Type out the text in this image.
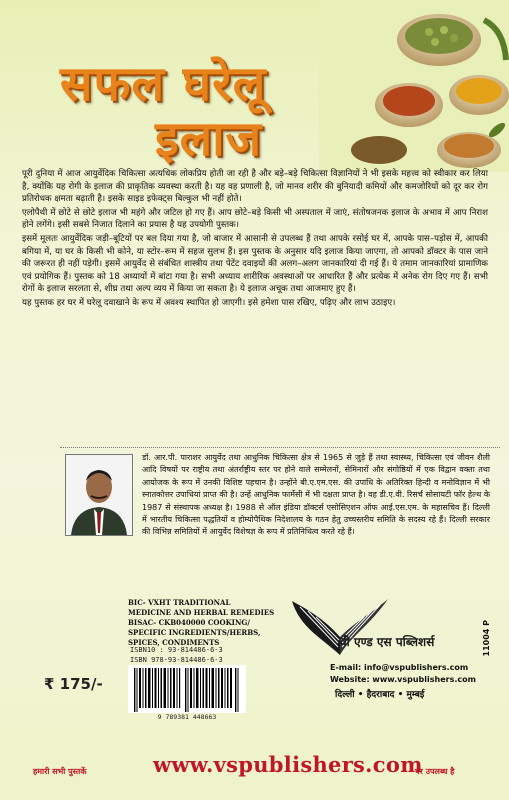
सफल घरेलू
इलाज

पूरी दुनिया में आज आयुर्वेदिक चिकित्सा अत्यधिक लोकप्रिय होती जा रही है और बड़े–बड़े चिकित्सा विज्ञानियों ने भी इसके महत्त्व को स्वीकार कर लिया है, क्योंकि यह रोगी के इलाज की प्राकृतिक व्यवस्था करती है। यह वह प्रणाली है, जो मानव शरीर की बुनियादी कमियों और कमजोरियों को दूर कर रोग प्रतिरोधक क्षमता बढ़ाती है। इसके साइड इफेक्ट्स बिल्कुल भी नहीं होते।

एलोपैथी में छोटे से छोटे इलाज भी महंगे और जटिल हो गए हैं। आप छोटे–बड़े किसी भी अस्पताल में जाएं, संतोषजनक इलाज के अभाव में आप निराश होने लगेंगे। इसी सबसे निजात दिलाने का प्रयास है यह उपयोगी पुस्तक।

इसमें मूलतः आयुर्वेदिक जड़ी–बूटियों पर बल दिया गया है, जो बाजार में आसानी से उपलब्ध हैं तथा आपके रसोई घर में, आपके पास–पड़ोस में, आपकी बगिया में, या घर के किसी भी कोने, या स्टोर–रूम में सहज सुलभ हैं। इस पुस्तक के अनुसार यदि इलाज किया जाएगा, तो आपको डॉक्टर के पास जाने की जरूरत ही नहीं पड़ेगी। इसमें आयुर्वेद से संबंधित शास्त्रीय तथा पेटेंट दवाइयों की अलग–अलग जानकारियां दी गई हैं। ये तमाम जानकारियां प्रामाणिक एवं प्रयोगिक हैं। पुस्तक को 18 अध्यायों में बांटा गया है। सभी अध्याय शारीरिक अवस्थाओं पर आधारित हैं और प्रत्येक में अनेक रोग दिए गए हैं। सभी रोगों के इलाज सरलता से, शीघ्र तथा अल्प व्यय में किया जा सकता है। ये इलाज अचूक तथा आजमाए हुए हैं।

यह पुस्तक हर घर में घरेलू दवाखाने के रूप में अवश्य स्थापित हो जाएगी। इसे हमेशा पास रखिए, पढ़िए और लाभ उठाइए।

डॉ. आर.पी. पाराशर आयुर्वेद तथा आधुनिक चिकित्सा क्षेत्र से 1965 से जुड़े हैं तथा स्वास्थ्य, चिकित्सा एवं जीवन शैली आदि विषयों पर राष्ट्रीय तथा अंतर्राष्ट्रीय स्तर पर होने वाले सम्मेलनों, सेमिनारों और संगोष्ठियों में एक विद्वान वक्ता तथा आयोजक के रूप में उनकी विशिष्ट पहचान है। उन्होंने बी.ए.एम.एस. की उपाधि के अतिरिक्त हिन्दी व मनोविज्ञान में भी स्नातकोत्तर उपाधियां प्राप्त की है। उन्हें आधुनिक फार्मेसी में भी दक्षता प्राप्त है। वह डी.ए.वी. रिसर्च सोसायटी फॉर हेल्थ के 1987 से संस्थापक अध्यक्ष है। 1988 से ऑल इंडिया डॉक्टर्स एसोसिएशन ऑफ आई.एस.एम. के महासचिव हैं। दिल्ली में भारतीय चिकित्सा पद्धतियों व होम्योपैथिक निदेशालय के गठन हेतु उच्चस्तरीय समिति के सदस्य रहे हैं। दिल्ली सरकार की विभिन्न समितियों में आयुर्वेद विशेषज्ञ के रूप में प्रतिनिधित्व करते रहे हैं।
BIC- VXHT TRADITIONAL
MEDICINE AND HERBAL REMEDIES
BISAC- CKB040000 COOKING/
SPECIFIC INGREDIENTS/HERBS,
SPICES, CONDIMENTS
ISBN10 : 93-814486-6-3
ISBN 978-93-814486-6-3
9 789381 448663
₹ 175/-
11004 P
वी एण्ड एस पब्लिशर्स
E-mail: info@vspublishers.com
Website: www.vspublishers.com
दिल्ली • हैदराबाद • मुम्बई
हमारी सभी पुस्तकें	www.vspublishers.com
पर उपलब्ध है
